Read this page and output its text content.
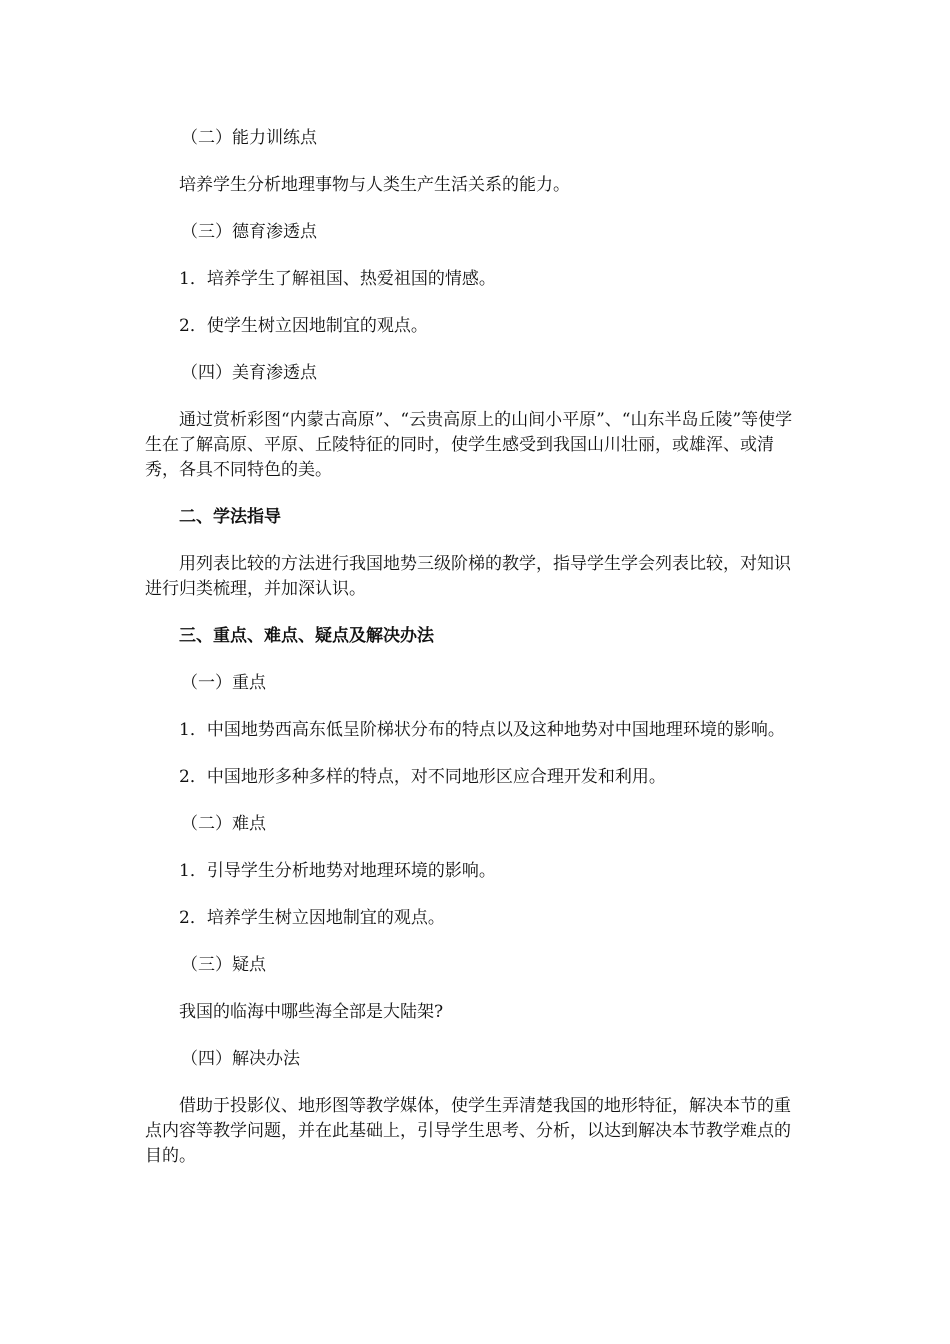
（二）能力训练点

培养学生分析地理事物与人类生产生活关系的能力。

（三）德育渗透点

1．培养学生了解祖国、热爱祖国的情感。

2．使学生树立因地制宜的观点。

（四）美育渗透点

通过赏析彩图“内蒙古高原”、“云贵高原上的山间小平原”、“山东半岛丘陵”等使学生在了解高原、平原、丘陵特征的同时，使学生感受到我国山川壮丽，或雄浑、或清秀，各具不同特色的美。

二、学法指导

用列表比较的方法进行我国地势三级阶梯的教学，指导学生学会列表比较，对知识进行归类梳理，并加深认识。

三、重点、难点、疑点及解决办法

（一）重点

1．中国地势西高东低呈阶梯状分布的特点以及这种地势对中国地理环境的影响。

2．中国地形多种多样的特点，对不同地形区应合理开发和利用。

（二）难点

1．引导学生分析地势对地理环境的影响。

2．培养学生树立因地制宜的观点。

（三）疑点

我国的临海中哪些海全部是大陆架?

（四）解决办法

借助于投影仪、地形图等教学媒体，使学生弄清楚我国的地形特征，解决本节的重点内容等教学问题，并在此基础上，引导学生思考、分析，以达到解决本节教学难点的目的。
